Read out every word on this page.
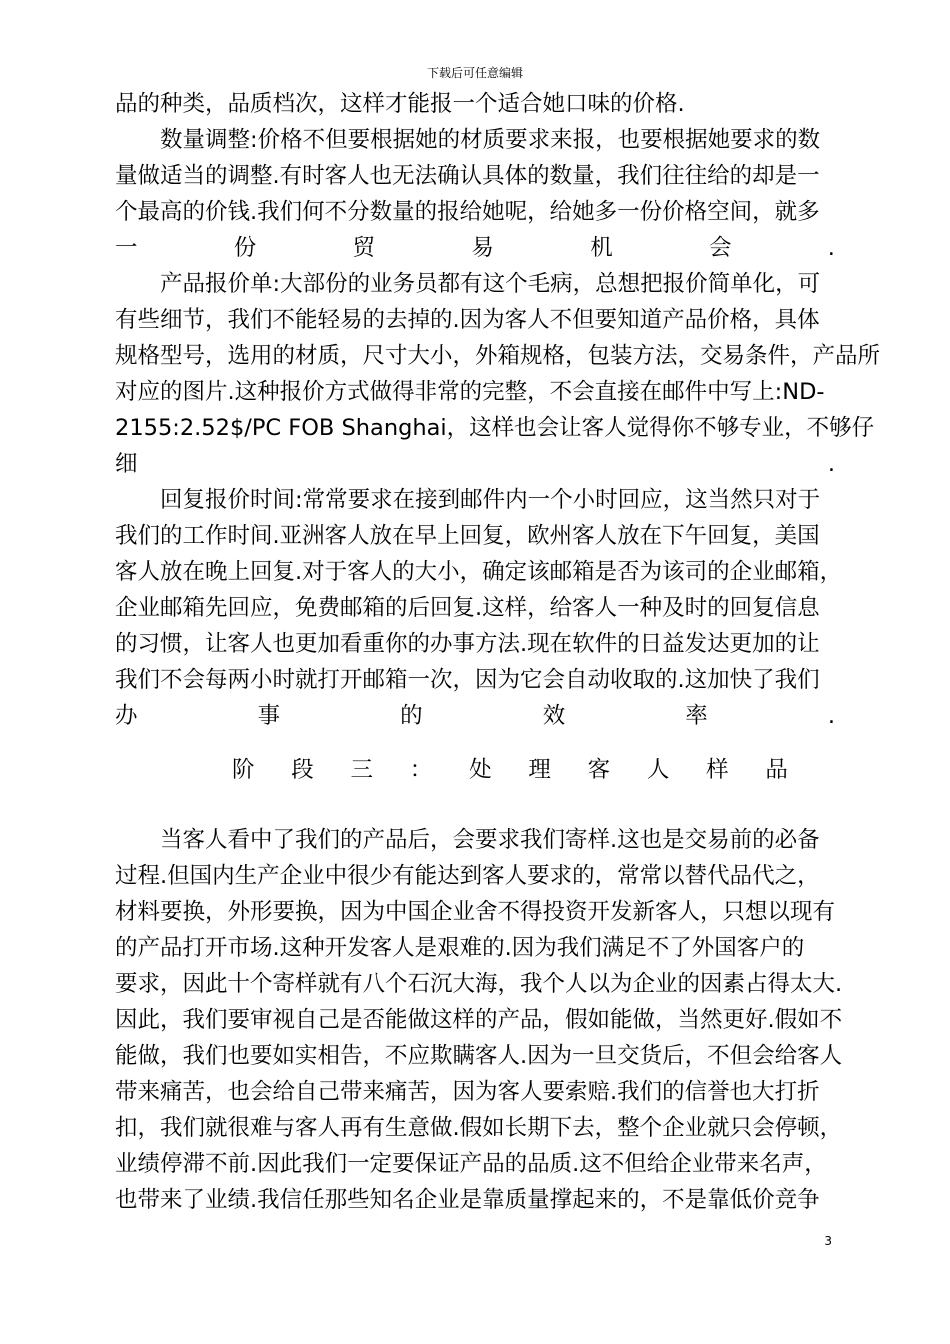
下载后可任意编辑
品的种类，品质档次，这样才能报一个适合她口味的价格.
　　数量调整:价格不但要根据她的材质要求来报，也要根据她要求的数
量做适当的调整.有时客人也无法确认具体的数量，我们往往给的却是一
个最高的价钱.我们何不分数量的报给她呢，给她多一份价格空间，就多
一	份	贸	易	机	会	.
　　产品报价单:大部份的业务员都有这个毛病，总想把报价简单化，可
有些细节，我们不能轻易的去掉的.因为客人不但要知道产品价格，具体
规格型号，选用的材质，尺寸大小，外箱规格，包装方法，交易条件，产品所
对应的图片.这种报价方式做得非常的完整，不会直接在邮件中写上:ND-
2155:2.52$/PC FOB Shanghai，这样也会让客人觉得你不够专业，不够仔
细	.
　　回复报价时间:常常要求在接到邮件内一个小时回应，这当然只对于
我们的工作时间.亚洲客人放在早上回复，欧州客人放在下午回复，美国
客人放在晚上回复.对于客人的大小，确定该邮箱是否为该司的企业邮箱，
企业邮箱先回应，免费邮箱的后回复.这样，给客人一种及时的回复信息
的习惯，让客人也更加看重你的办事方法.现在软件的日益发达更加的让
我们不会每两小时就打开邮箱一次，因为它会自动收取的.这加快了我们
办	事	的	效	率	.
阶 段 三 ： 处 理 客 人 样 品
　　当客人看中了我们的产品后，会要求我们寄样.这也是交易前的必备
过程.但国内生产企业中很少有能达到客人要求的，常常以替代品代之，
材料要换，外形要换，因为中国企业舍不得投资开发新客人，只想以现有
的产品打开市场.这种开发客人是艰难的.因为我们满足不了外国客户的
要求，因此十个寄样就有八个石沉大海，我个人以为企业的因素占得太大.
因此，我们要审视自己是否能做这样的产品，假如能做，当然更好.假如不
能做，我们也要如实相告，不应欺瞒客人.因为一旦交货后，不但会给客人
带来痛苦，也会给自己带来痛苦，因为客人要索赔.我们的信誉也大打折
扣，我们就很难与客人再有生意做.假如长期下去，整个企业就只会停顿，
业绩停滞不前.因此我们一定要保证产品的品质.这不但给企业带来名声，
也带来了业绩.我信任那些知名企业是靠质量撑起来的，不是靠低价竞争
3
